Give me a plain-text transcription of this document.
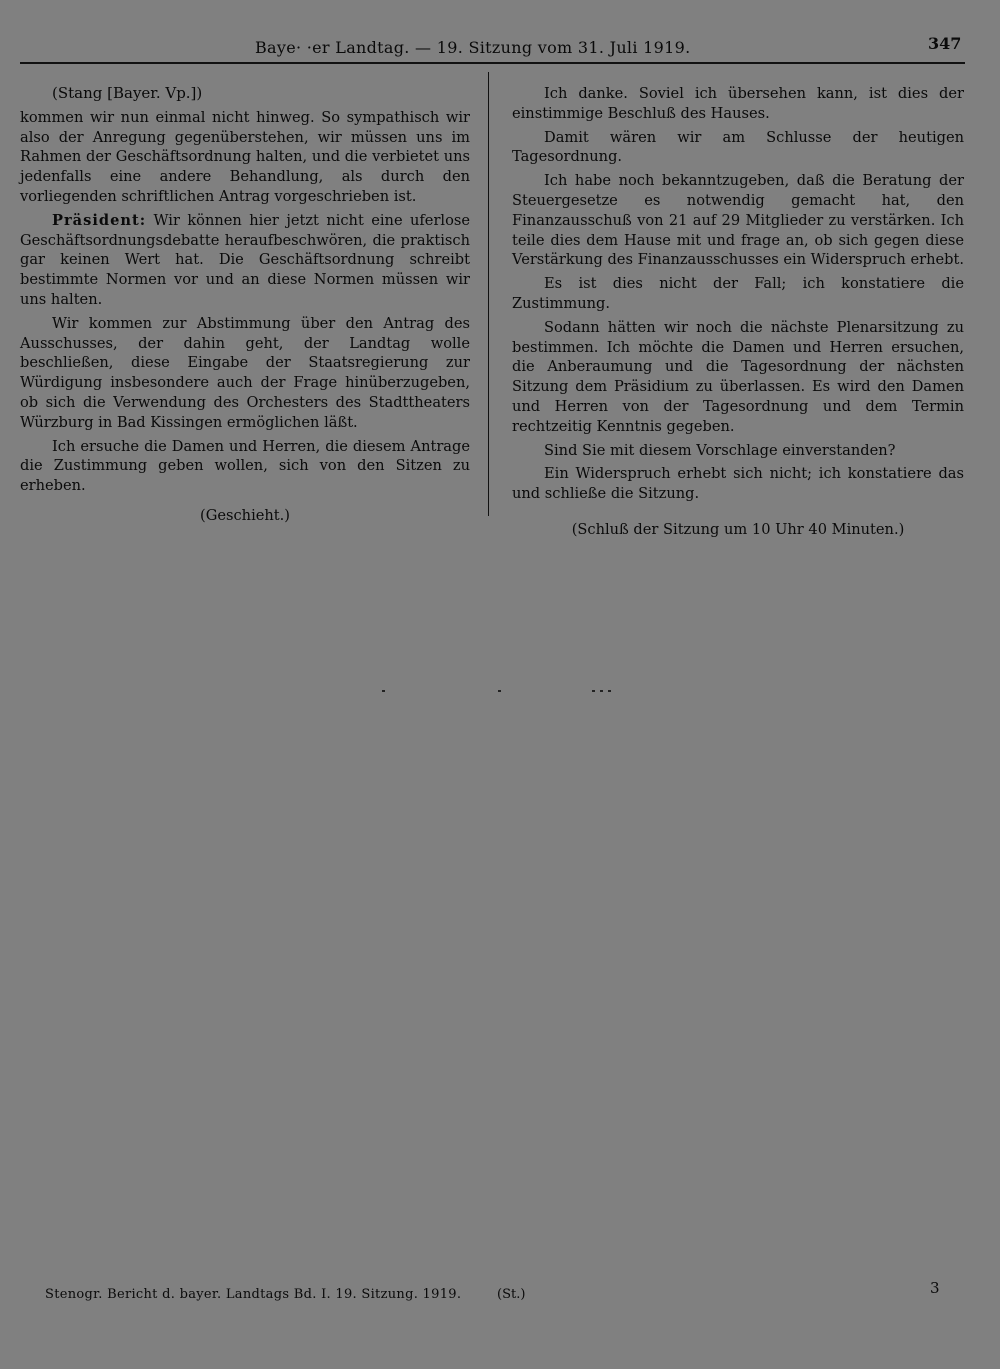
Baye· ·er Landtag. — 19. Sitzung vom 31. Juli 1919.	347

(Stang [Bayer. Vp.])

kommen wir nun einmal nicht hinweg. So sympathisch wir also der Anregung gegenüberstehen, wir müssen uns im Rahmen der Geschäftsordnung halten, und die verbietet uns jedenfalls eine andere Behandlung, als durch den vorliegenden schriftlichen Antrag vorgeschrieben ist.

Präsident: Wir können hier jetzt nicht eine uferlose Geschäftsordnungsdebatte heraufbeschwören, die praktisch gar keinen Wert hat. Die Geschäftsordnung schreibt bestimmte Normen vor und an diese Normen müssen wir uns halten.

Wir kommen zur Abstimmung über den Antrag des Ausschusses, der dahin geht, der Landtag wolle beschließen, diese Eingabe der Staatsregierung zur Würdigung insbesondere auch der Frage hinüberzugeben, ob sich die Verwendung des Orchesters des Stadttheaters Würzburg in Bad Kissingen ermöglichen läßt.

Ich ersuche die Damen und Herren, die diesem Antrage die Zustimmung geben wollen, sich von den Sitzen zu erheben.

(Geschieht.)

Ich danke. Soviel ich übersehen kann, ist dies der einstimmige Beschluß des Hauses.

Damit wären wir am Schlusse der heutigen Tagesordnung.

Ich habe noch bekanntzugeben, daß die Beratung der Steuergesetze es notwendig gemacht hat, den Finanzausschuß von 21 auf 29 Mitglieder zu verstärken. Ich teile dies dem Hause mit und frage an, ob sich gegen diese Verstärkung des Finanzausschusses ein Widerspruch erhebt.

Es ist dies nicht der Fall; ich konstatiere die Zustimmung.

Sodann hätten wir noch die nächste Plenarsitzung zu bestimmen. Ich möchte die Damen und Herren ersuchen, die Anberaumung und die Tagesordnung der nächsten Sitzung dem Präsidium zu überlassen. Es wird den Damen und Herren von der Tagesordnung und dem Termin rechtzeitig Kenntnis gegeben.

Sind Sie mit diesem Vorschlage einverstanden?

Ein Widerspruch erhebt sich nicht; ich konstatiere das und schließe die Sitzung.

(Schluß der Sitzung um 10 Uhr 40 Minuten.)

Stenogr. Bericht d. bayer. Landtags Bd. I. 19. Sitzung. 1919.	(St.)	3
